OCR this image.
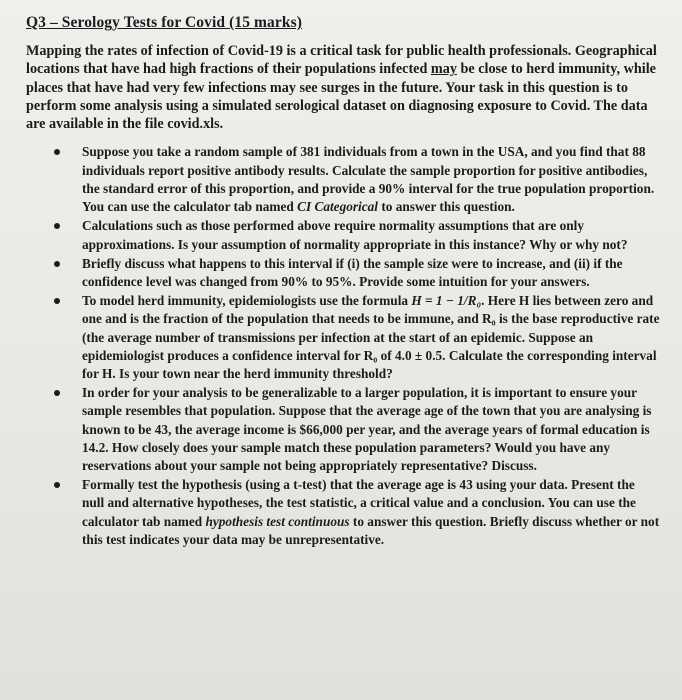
Q3 – Serology Tests for Covid (15 marks)

Mapping the rates of infection of Covid-19 is a critical task for public health professionals. Geographical locations that have had high fractions of their populations infected may be close to herd immunity, while places that have had very few infections may see surges in the future. Your task in this question is to perform some analysis using a simulated serological dataset on diagnosing exposure to Covid. The data are available in the file covid.xls.

Suppose you take a random sample of 381 individuals from a town in the USA, and you find that 88 individuals report positive antibody results. Calculate the sample proportion for positive antibodies, the standard error of this proportion, and provide a 90% interval for the true population proportion. You can use the calculator tab named CI Categorical to answer this question.
Calculations such as those performed above require normality assumptions that are only approximations. Is your assumption of normality appropriate in this instance? Why or why not?
Briefly discuss what happens to this interval if (i) the sample size were to increase, and (ii) if the confidence level was changed from 90% to 95%. Provide some intuition for your answers.
To model herd immunity, epidemiologists use the formula H = 1 − 1/R₀. Here H lies between zero and one and is the fraction of the population that needs to be immune, and R₀ is the base reproductive rate (the average number of transmissions per infection at the start of an epidemic. Suppose an epidemiologist produces a confidence interval for R₀ of 4.0 ± 0.5. Calculate the corresponding interval for H. Is your town near the herd immunity threshold?
In order for your analysis to be generalizable to a larger population, it is important to ensure your sample resembles that population. Suppose that the average age of the town that you are analysing is known to be 43, the average income is $66,000 per year, and the average years of formal education is 14.2. How closely does your sample match these population parameters? Would you have any reservations about your sample not being appropriately representative? Discuss.
Formally test the hypothesis (using a t-test) that the average age is 43 using your data. Present the null and alternative hypotheses, the test statistic, a critical value and a conclusion. You can use the calculator tab named hypothesis test continuous to answer this question. Briefly discuss whether or not this test indicates your data may be unrepresentative.
